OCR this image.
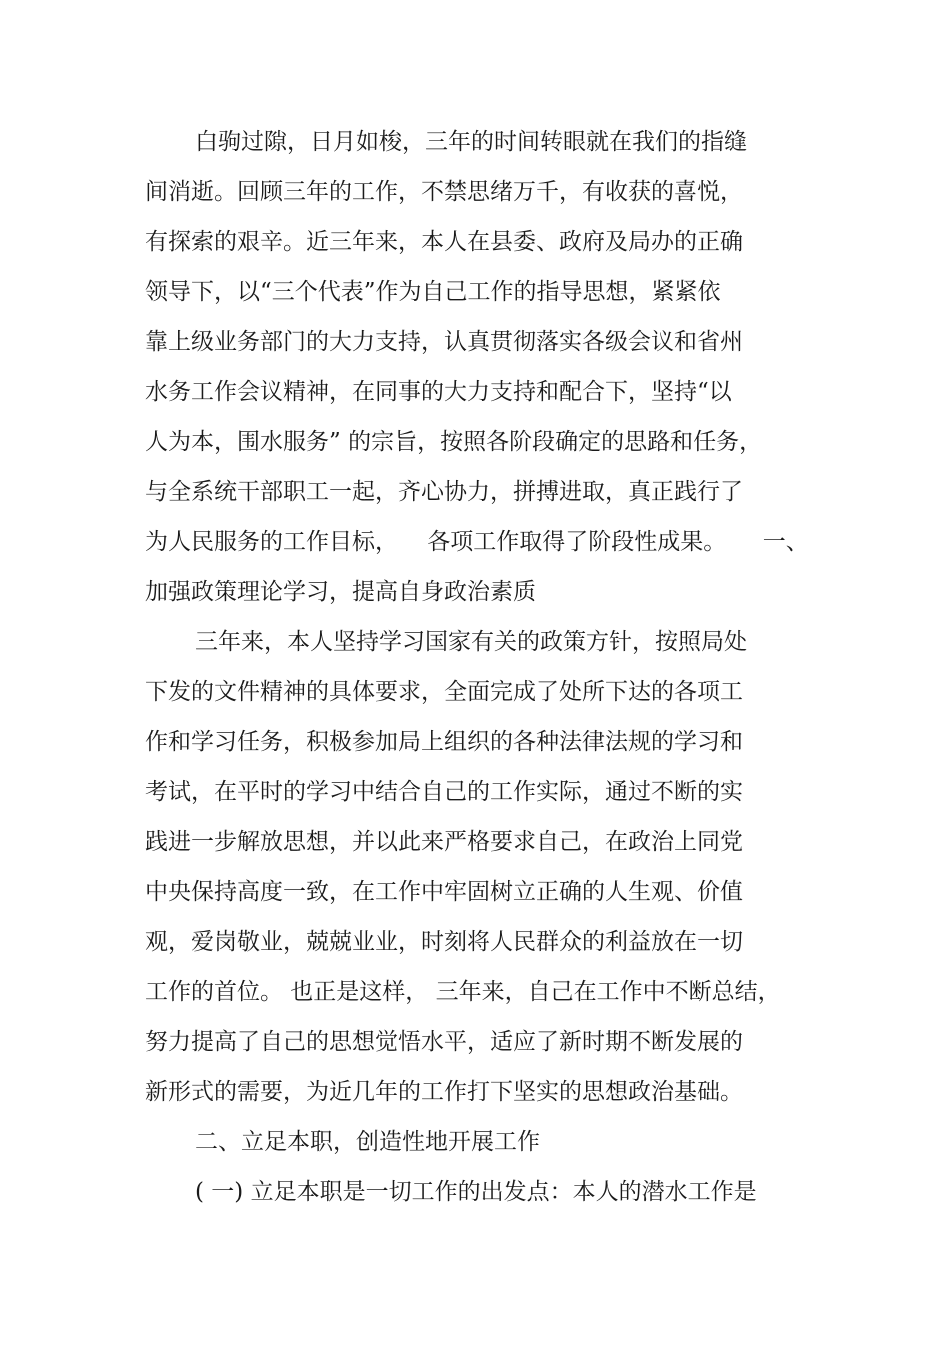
白驹过隙，日月如梭，三年的时间转眼就在我们的指缝

间消逝。回顾三年的工作，不禁思绪万千，有收获的喜悦，

有探索的艰辛。近三年来，本人在县委、政府及局办的正确

领导下，以“三个代表”作为自己工作的指导思想，紧紧依

靠上级业务部门的大力支持，认真贯彻落实各级会议和省州

水务工作会议精神，在同事的大力支持和配合下，坚持“以

人为本，围水服务” 的宗旨，按照各阶段确定的思路和任务，

与全系统干部职工一起，齐心协力，拼搏进取，真正践行了

为人民服务的工作目标，    各项工作取得了阶段性成果。     一、

加强政策理论学习，提高自身政治素质

三年来，本人坚持学习国家有关的政策方针，按照局处

下发的文件精神的具体要求，全面完成了处所下达的各项工

作和学习任务，积极参加局上组织的各种法律法规的学习和

考试，在平时的学习中结合自己的工作实际，通过不断的实

践进一步解放思想，并以此来严格要求自己，在政治上同党

中央保持高度一致，在工作中牢固树立正确的人生观、价值

观，爱岗敬业，兢兢业业，时刻将人民群众的利益放在一切

工作的首位。 也正是这样， 三年来，自己在工作中不断总结，

努力提高了自己的思想觉悟水平，适应了新时期不断发展的

新形式的需要，为近几年的工作打下坚实的思想政治基础。

二、立足本职，创造性地开展工作

( 一) 立足本职是一切工作的出发点：本人的潜水工作是
